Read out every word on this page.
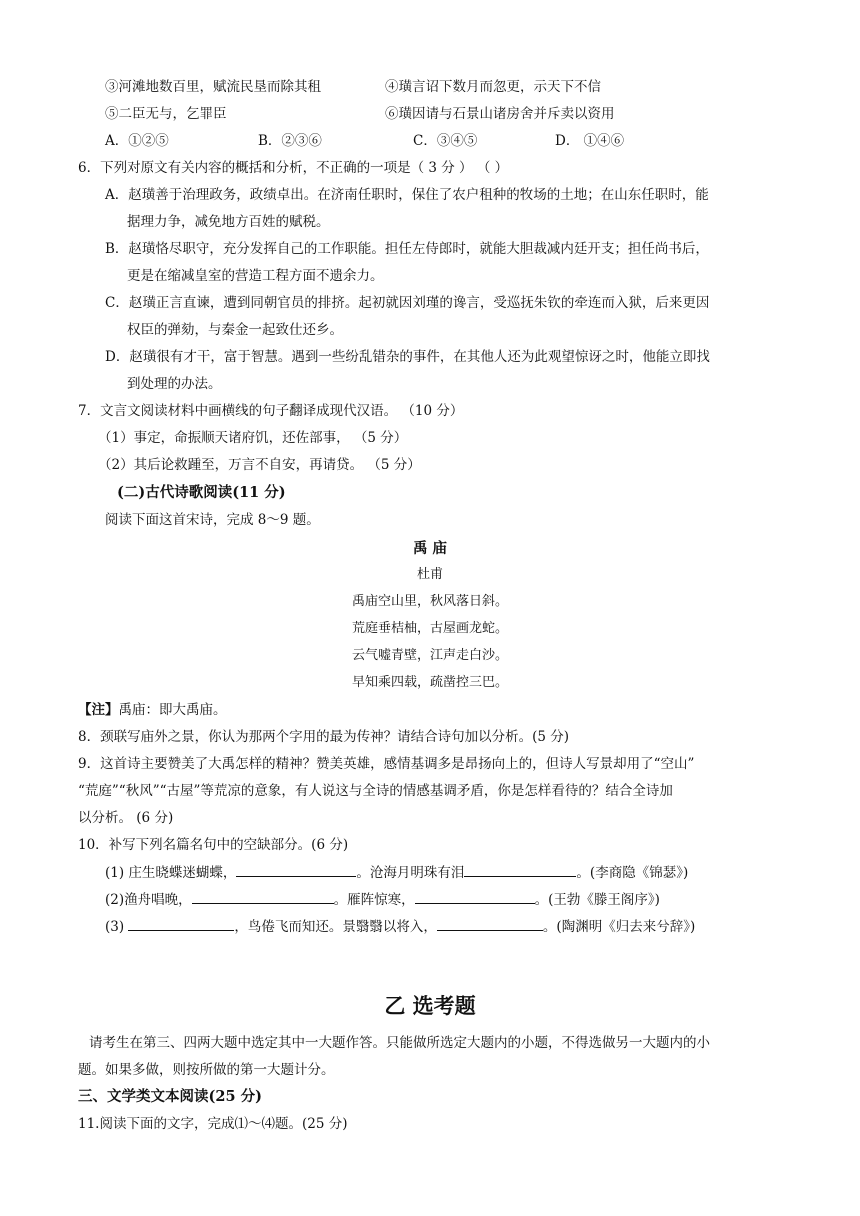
③河滩地数百里，赋流民垦而除其租	④璜言诏下数月而忽更，示天下不信
⑤二臣无与，乞罪臣	⑥璜因请与石景山诸房舍并斥卖以资用
A．①②⑤	B．②③⑥	C．③④⑤	D． ①④⑥
6．下列对原文有关内容的概括和分析，不正确的一项是（ 3 分 ） （ ）
A．赵璜善于治理政务，政绩卓出。在济南任职时，保住了农户租种的牧场的土地；在山东任职时，能
据理力争，减免地方百姓的赋税。
B．赵璜恪尽职守，充分发挥自己的工作职能。担任左侍郎时，就能大胆裁减内廷开支；担任尚书后，
更是在缩减皇室的营造工程方面不遗余力。
C．赵璜正言直谏，遭到同朝官员的排挤。起初就因刘瑾的谗言，受巡抚朱钦的牵连而入狱，后来更因
权臣的弹劾，与秦金一起致仕还乡。
D．赵璜很有才干，富于智慧。遇到一些纷乱错杂的事件，在其他人还为此观望惊讶之时，他能立即找
到处理的办法。
7．文言文阅读材料中画横线的句子翻译成现代汉语。 （10 分）
（1）事定，命振顺天诸府饥，还佐部事， （5 分）
（2）其后论救踵至，万言不自安，再请贷。 （5 分）
(二)古代诗歌阅读(11 分)
阅读下面这首宋诗，完成 8～9 题。
禹 庙
杜甫
禹庙空山里，秋风落日斜。
荒庭垂桔柚，古屋画龙蛇。
云气嘘青壁，江声走白沙。
早知乘四载，疏凿控三巴。
【注】禹庙：即大禹庙。
8．颈联写庙外之景，你认为那两个字用的最为传神？请结合诗句加以分析。(5 分)
9．这首诗主要赞美了大禹怎样的精神？赞美英雄，感情基调多是昂扬向上的，但诗人写景却用了“空山”
“荒庭”“秋风”“古屋”等荒凉的意象，有人说这与全诗的情感基调矛盾，你是怎样看待的？结合全诗加
以分析。 (6 分)
10．补写下列名篇名句中的空缺部分。(6 分)
(1) 庄生晓蝶迷蝴蝶，	。沧海月明珠有泪	。(李商隐《锦瑟》)
(2)渔舟唱晚，	。雁阵惊寒，	。(王勃《滕王阁序》)
(3)	，鸟倦飞而知还。景翳翳以将入，	。(陶渊明《归去来兮辞》)
乙 选考题
请考生在第三、四两大题中选定其中一大题作答。只能做所选定大题内的小题，不得选做另一大题内的小
题。如果多做，则按所做的第一大题计分。
三、文学类文本阅读(25 分)
11.阅读下面的文字，完成⑴～⑷题。(25 分)
